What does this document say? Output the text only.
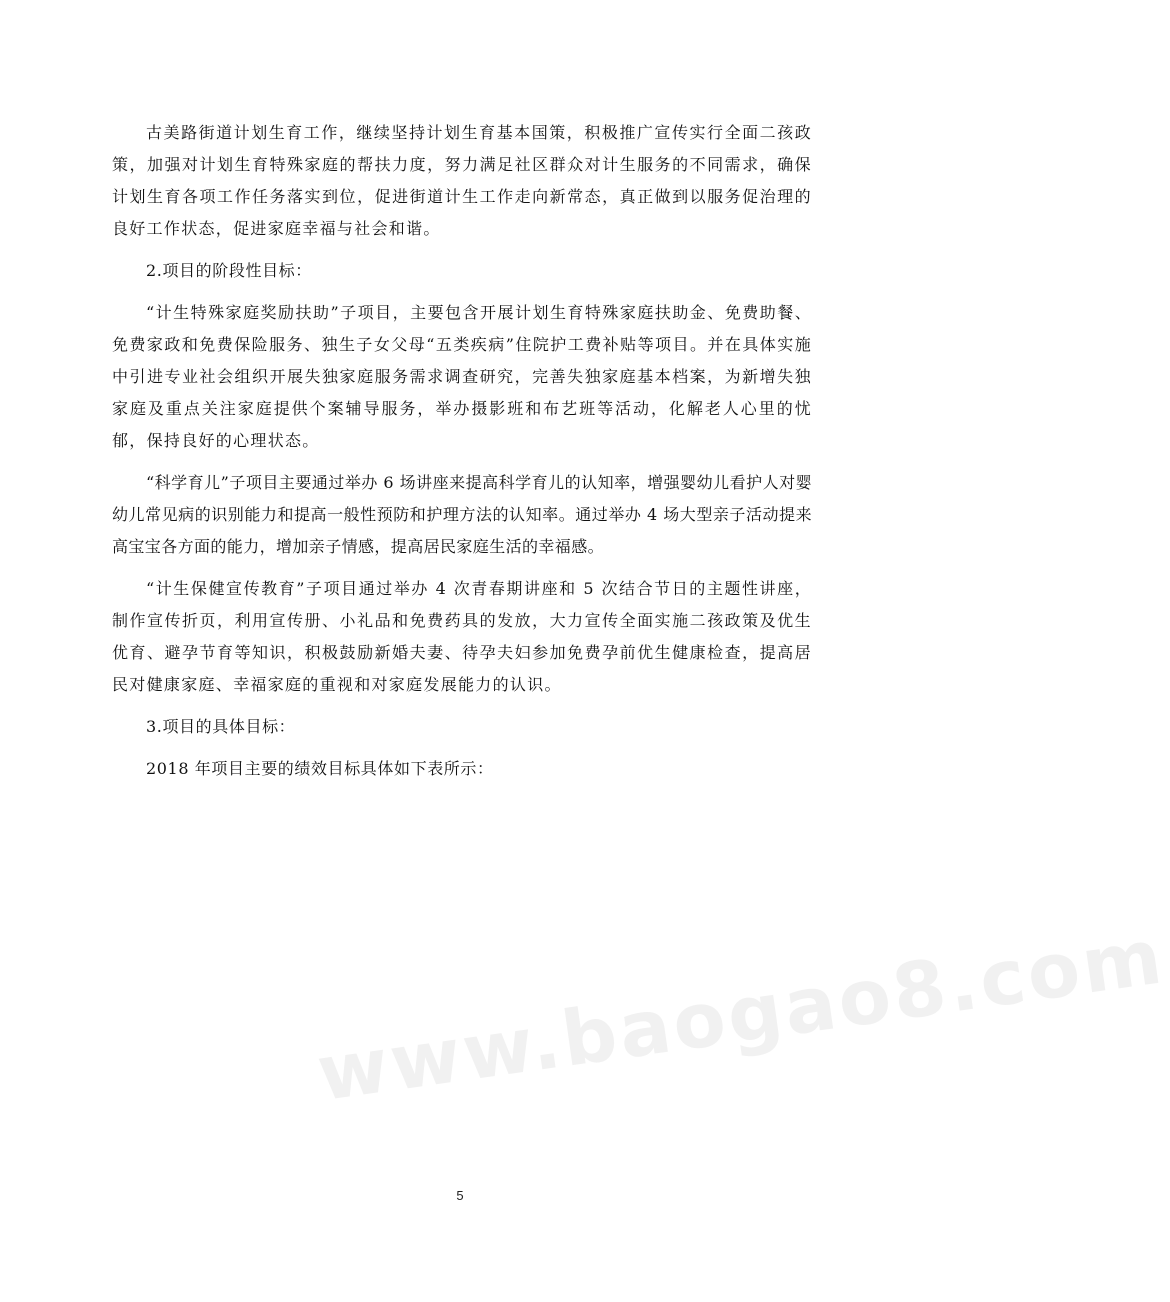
古美路街道计划生育工作，继续坚持计划生育基本国策，积极推广宣传实行全面二孩政策，加强对计划生育特殊家庭的帮扶力度，努力满足社区群众对计生服务的不同需求，确保计划生育各项工作任务落实到位，促进街道计生工作走向新常态，真正做到以服务促治理的良好工作状态，促进家庭幸福与社会和谐。

2.项目的阶段性目标：

“计生特殊家庭奖励扶助”子项目，主要包含开展计划生育特殊家庭扶助金、免费助餐、免费家政和免费保险服务、独生子女父母“五类疾病”住院护工费补贴等项目。并在具体实施中引进专业社会组织开展失独家庭服务需求调查研究，完善失独家庭基本档案，为新增失独家庭及重点关注家庭提供个案辅导服务，举办摄影班和布艺班等活动，化解老人心里的忧郁，保持良好的心理状态。

“科学育儿”子项目主要通过举办 6 场讲座来提高科学育儿的认知率，增强婴幼儿看护人对婴幼儿常见病的识别能力和提高一般性预防和护理方法的认知率。通过举办 4 场大型亲子活动提来高宝宝各方面的能力，增加亲子情感，提高居民家庭生活的幸福感。

“计生保健宣传教育”子项目通过举办 4 次青春期讲座和 5 次结合节日的主题性讲座，制作宣传折页，利用宣传册、小礼品和免费药具的发放，大力宣传全面实施二孩政策及优生优育、避孕节育等知识，积极鼓励新婚夫妻、待孕夫妇参加免费孕前优生健康检查，提高居民对健康家庭、幸福家庭的重视和对家庭发展能力的认识。

3.项目的具体目标：

2018 年项目主要的绩效目标具体如下表所示：

www.baogao8.com
5
